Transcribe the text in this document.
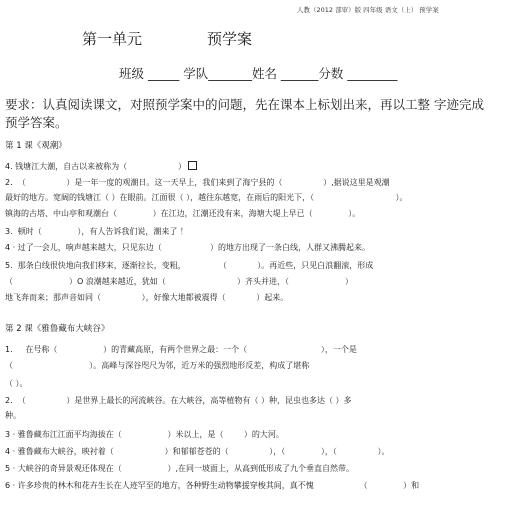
人教（2012 部审）版 四年级 语文（上） 预学案
第一单元	预学案
班级 _____ 学队_______姓名 ______分数 ________
要求：认真阅读课文，对照预学案中的问题，先在课本上标划出来，再以工整 字迹完成
预学答案。
第 1 课《观潮》
4. 钱塘江大潮，自古以来被称为（                    ）
2.  （                ）是一年一度的观潮日。这一天早上，我们来到了海宁县的（                ）,据说这里是观潮
最好的地方。宽阔的钱塘江（ ）在眼前。江面很（ ），越往东越宽，在雨后的阳光下，（                                ）。
镇海的古塔、中山亭和观潮台（              ）在江边，江潮还没有来，海塘大堤上早已（              ）。
3.  顿时（              ），有人告诉我们说，潮来了 ！
4 · 过了一会儿，响声越来越大，只见东边（                   ）的地方出现了一条白线，人群又沸腾起来。
5.  那条白线很快地向我们移来，逐渐拉长，变粗，             （            ）。再近些，只见白浪翻滚，形成
（                      ）O 浪潮越来越近，犹如（                            ）齐头并进，（                      ）
地飞奔而来；那声音如同（                ），好像大地都被震得（            ）起来。
第 2 课《雅鲁藏布大峡谷》
1.     在号称（                  ）的青藏高原，有两个世界之最：一个（                             ），一个是
（                              ）。高峰与深谷咫尺为邻，近万米的强烈地形反差，构成了堪称
（ ）。
2.  （                ）是世界上最长的河流峡谷。在大峡谷，高等植物有（ ）种，昆虫也多达（ ）多
种。
3 · 雅鲁藏布江江面平均海拔在（                  ）米以上，是（        ）的大河。
4 · 雅鲁藏布大峡谷，映衬着（                    ）和郁郁苍苍的（                ），（              ），（                ）。
5 · 大峡谷的奇异景观还体现在（                  ）,在同一坡面上，从高到低形成了九个垂直自然带。
6 · 许多珍贵的林木和花卉生长在人迹罕至的地方，各种野生动物攀援穿梭其间，真不愧                  （              ）和
